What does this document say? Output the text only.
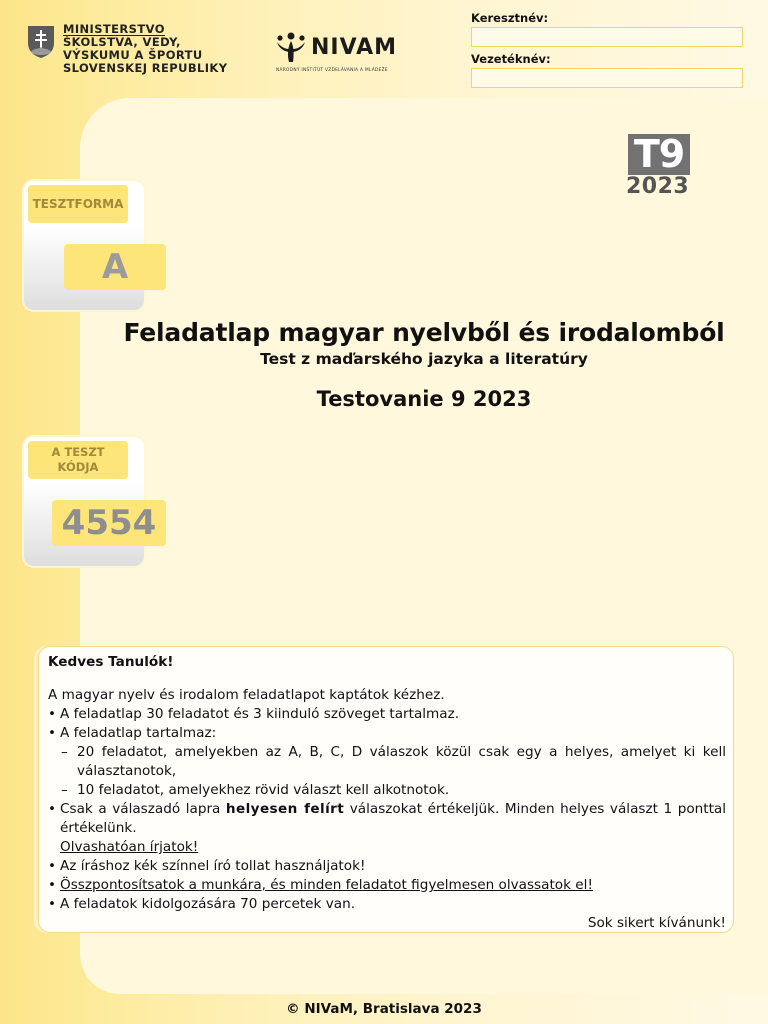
MINISTERSTVO
ŠKOLSTVA, VEDY,
VÝSKUMU A ŠPORTU
SLOVENSKEJ REPUBLIKY
NIVAM
NÁRODNÝ INŠTITÚT VZDELÁVANIA A MLÁDEŽE
Keresztnév:
Vezetéknév:
T9
2023
TESZTFORMA
A
A TESZT KÓDJA
4554
Feladatlap magyar nyelvből és irodalomból
Test z maďarského jazyka a literatúry
Testovanie 9 2023
Kedves Tanulók!
A magyar nyelv és irodalom feladatlapot kaptátok kézhez.
• A feladatlap 30 feladatot és 3 kiinduló szöveget tartalmaz.
• A feladatlap tartalmaz:
– 20 feladatot, amelyekben az A, B, C, D válaszok közül csak egy a helyes, amelyet ki kell választanotok,
– 10 feladatot, amelyekhez rövid választ kell alkotnotok.
• Csak a válaszadó lapra helyesen felírt válaszokat értékeljük. Minden helyes választ 1 ponttal értékelünk.
Olvashatóan írjatok!
• Az íráshoz kék színnel író tollat használjatok!
• Összpontosítsatok a munkára, és minden feladatot figyelmesen olvassatok el!
• A feladatok kidolgozására 70 percetek van.
Sok sikert kívánunk!
© NIVaM, Bratislava 2023
